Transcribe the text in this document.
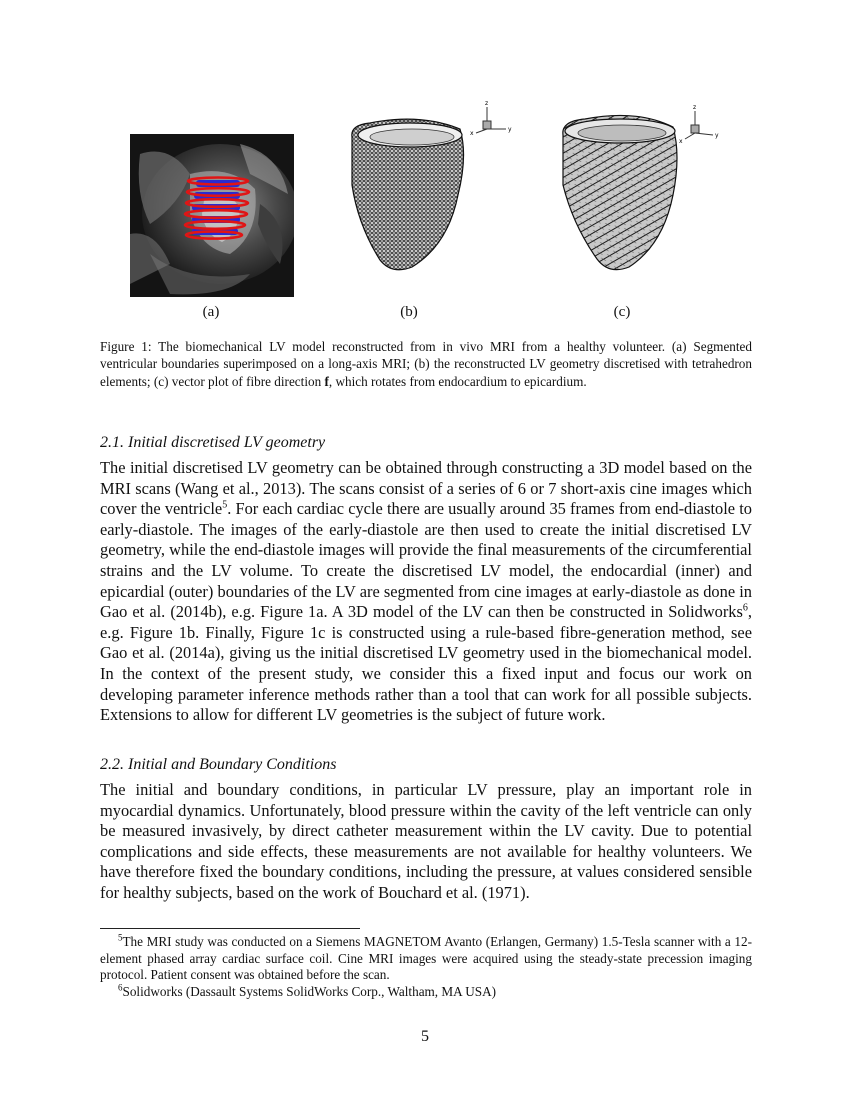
z
x
y
z
x
y
(a)	(b)	(c)
Figure 1: The biomechanical LV model reconstructed from in vivo MRI from a healthy volunteer. (a) Segmented ventricular boundaries superimposed on a long-axis MRI; (b) the reconstructed LV geometry discretised with tetrahedron elements; (c) vector plot of fibre direction f, which rotates from endocardium to epicardium.
2.1. Initial discretised LV geometry
The initial discretised LV geometry can be obtained through constructing a 3D model based on the MRI scans (Wang et al., 2013). The scans consist of a series of 6 or 7 short-axis cine images which cover the ventricle$^5$. For each cardiac cycle there are usually around 35 frames from end-diastole to early-diastole. The images of the early-diastole are then used to create the initial discretised LV geometry, while the end-diastole images will provide the final measurements of the circumferential strains and the LV volume. To create the discretised LV model, the endocardial (inner) and epicardial (outer) boundaries of the LV are segmented from cine images at early-diastole as done in Gao et al. (2014b), e.g. Figure 1a. A 3D model of the LV can then be constructed in Solidworks$^6$, e.g. Figure 1b. Finally, Figure 1c is constructed using a rule-based fibre-generation method, see Gao et al. (2014a), giving us the initial discretised LV geometry used in the biomechanical model. In the context of the present study, we consider this a fixed input and focus our work on developing parameter inference methods rather than a tool that can work for all possible subjects. Extensions to allow for different LV geometries is the subject of future work.
2.2. Initial and Boundary Conditions
The initial and boundary conditions, in particular LV pressure, play an important role in myocardial dynamics. Unfortunately, blood pressure within the cavity of the left ventricle can only be measured invasively, by direct catheter measurement within the LV cavity. Due to potential complications and side effects, these measurements are not available for healthy volunteers. We have therefore fixed the boundary conditions, including the pressure, at values considered sensible for healthy subjects, based on the work of Bouchard et al. (1971).
$^5$The MRI study was conducted on a Siemens MAGNETOM Avanto (Erlangen, Germany) 1.5-Tesla scanner with a 12-element phased array cardiac surface coil. Cine MRI images were acquired using the steady-state precession imaging protocol. Patient consent was obtained before the scan.
$^6$Solidworks (Dassault Systems SolidWorks Corp., Waltham, MA USA)
5
